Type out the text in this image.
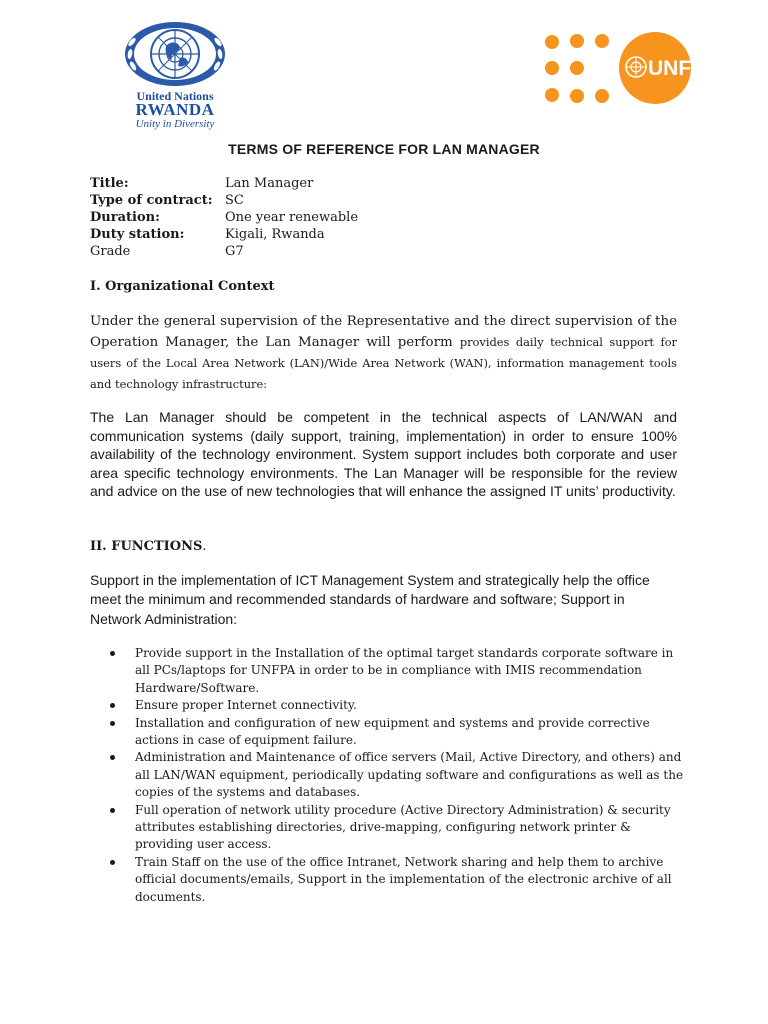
United Nations
RWANDA
Unity in Diversity
UNFPA
TERMS OF REFERENCE FOR LAN MANAGER
Title:	Lan Manager
Type of contract: SC
Duration:	One year renewable
Duty station:	Kigali, Rwanda
Grade	G7
I. Organizational Context
Under the general supervision of the Representative and the direct supervision of the Operation Manager, the Lan Manager will perform provides daily technical support for users of the Local Area Network (LAN)/Wide Area Network (WAN), information management tools and technology infrastructure:
The Lan Manager should be competent in the technical aspects of LAN/WAN and communication systems (daily support, training, implementation) in order to ensure 100% availability of the technology environment. System support includes both corporate and user area specific technology environments. The Lan Manager will be responsible for the review and advice on the use of new technologies that will enhance the assigned IT units’ productivity.
II. FUNCTIONS.
Support in the implementation of ICT Management System and strategically help the office meet the minimum and recommended standards of hardware and software; Support in Network Administration:
Provide support in the Installation of the optimal target standards corporate software in all PCs/laptops for UNFPA in order to be in compliance with IMIS recommendation Hardware/Software.
Ensure proper Internet connectivity.
Installation and configuration of new equipment and systems and provide corrective actions in case of equipment failure.
Administration and Maintenance of office servers (Mail, Active Directory, and others) and all LAN/WAN equipment, periodically updating software and configurations as well as the copies of the systems and databases.
Full operation of network utility procedure (Active Directory Administration) & security attributes establishing directories, drive-mapping, configuring network printer & providing user access.
Train Staff on the use of the office Intranet, Network sharing and help them to archive official documents/emails, Support in the implementation of the electronic archive of all documents.
